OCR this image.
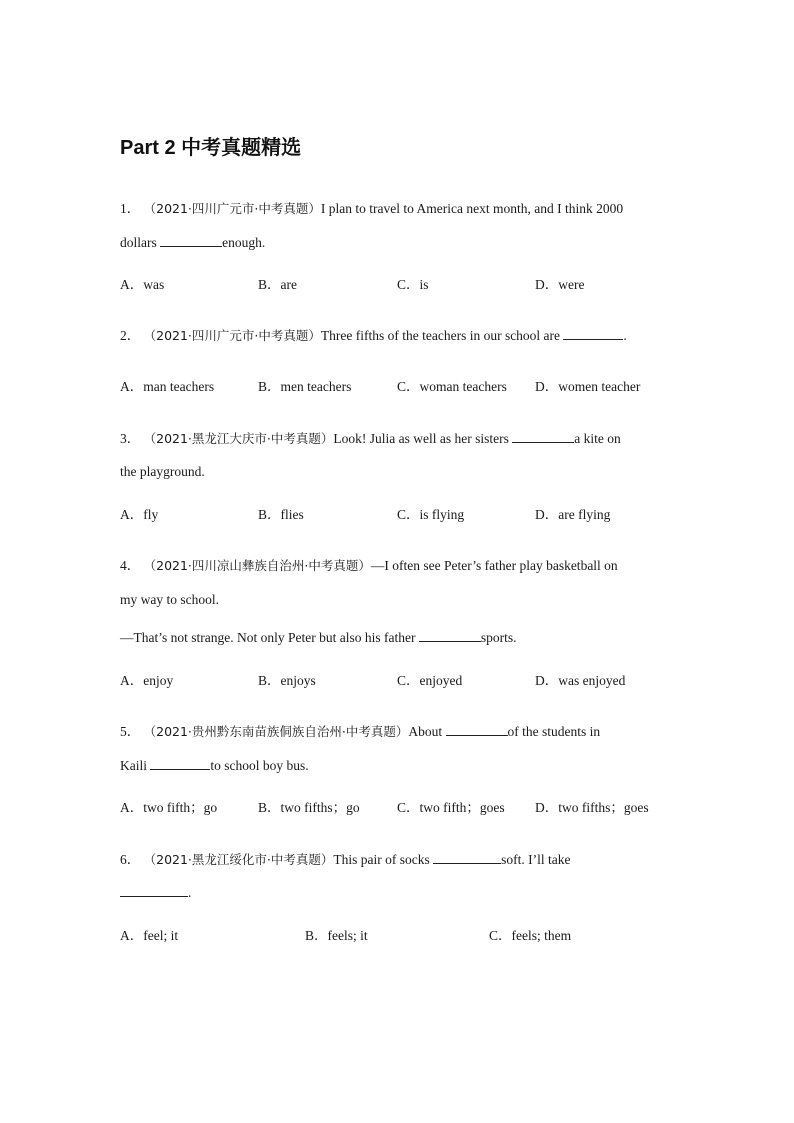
Part 2 中考真题精选
1． （2021·四川广元市·中考真题）I plan to travel to America next month, and I think 2000
dollars	enough.
A．was	B．are	C．is	D．were
2． （2021·四川广元市·中考真题）Three fifths of the teachers in our school are	.
A．man teachers	B．men teachers	C．woman teachers D．women teacher
3． （2021·黑龙江大庆市·中考真题）Look! Julia as well as her sisters	a kite on
the playground.
A．fly	B．flies	C．is flying	D．are flying
4． （2021·四川凉山彝族自治州·中考真题）—I often see Peter’s father play basketball on
my way to school.
—That’s not strange. Not only Peter but also his father	sports.
A．enjoy	B．enjoys	C．enjoyed	D．was enjoyed
5． （2021·贵州黔东南苗族侗族自治州·中考真题）About	of the students in
Kaili	to school boy bus.
A．two fifth；go	B．two fifths；go	C．two fifth；goes D．two fifths；goes
6． （2021·黑龙江绥化市·中考真题）This pair of socks	soft. I’ll take
.
A．feel; it	B．feels; it	C．feels; them
